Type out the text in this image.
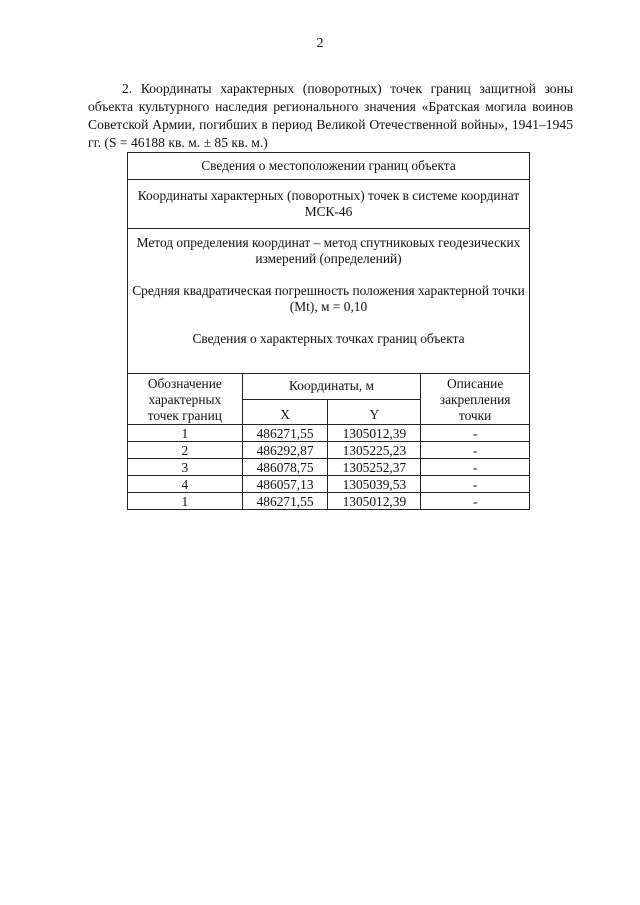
2

2. Координаты характерных (поворотных) точек границ защитной зоны объекта культурного наследия регионального значения «Братская могила воинов Советской Армии, погибших в период Великой Отечественной войны», 1941–1945 гг. (S = 46188 кв. м. ± 85 кв. м.)

Сведения о местоположении границ объекта			
Координаты характерных (поворотных) точек в системе координат МСК-46			

Метод определения координат – метод спутниковых геодезических измерений (определений)

Средняя квадратическая погрешность положения характерной точки (Mt), м = 0,10

Сведения о характерных точках границ объекта			

Обозначение характерных точек границ	Координаты, м		Описание закрепления точки
	X	Y	
1	486271,55	1305012,39	-
2	486292,87	1305225,23	-
3	486078,75	1305252,37	-
4	486057,13	1305039,53	-
1	486271,55	1305012,39	-
